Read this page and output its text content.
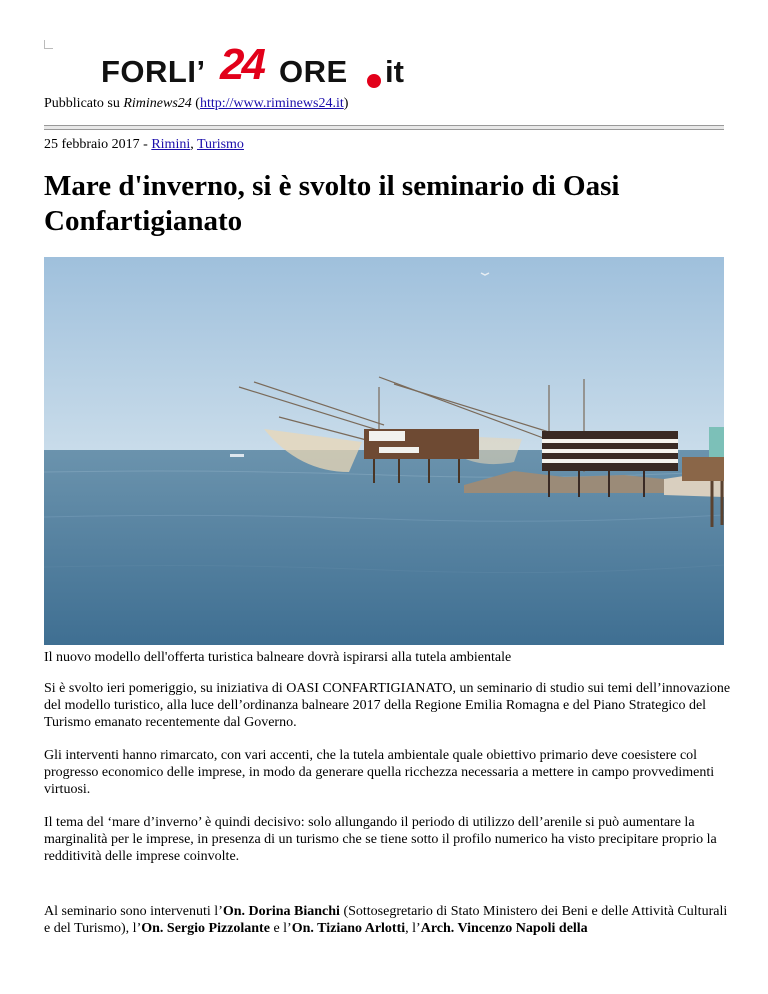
FORLI’ 24 ORE it
Pubblicato su Riminews24 (http://www.riminews24.it)
25 febbraio 2017 - Rimini, Turismo
Mare d'inverno, si è svolto il seminario di Oasi Confartigianato
Il nuovo modello dell'offerta turistica balneare dovrà ispirarsi alla tutela ambientale

Si è svolto ieri pomeriggio, su iniziativa di OASI CONFARTIGIANATO, un seminario di studio sui temi dell’innovazione del modello turistico, alla luce dell’ordinanza balneare 2017 della Regione Emilia Romagna e del Piano Strategico del Turismo emanato recentemente dal Governo.

Gli interventi hanno rimarcato, con vari accenti, che la tutela ambientale quale obiettivo primario deve coesistere col progresso economico delle imprese, in modo da generare quella ricchezza necessaria a mettere in campo provvedimenti virtuosi.

Il tema del ‘mare d’inverno’ è quindi decisivo: solo allungando il periodo di utilizzo dell’arenile si può aumentare la marginalità per le imprese, in presenza di un turismo che se tiene sotto il profilo numerico ha visto precipitare proprio la redditività delle imprese coinvolte.

Al seminario sono intervenuti l’On. Dorina Bianchi (Sottosegretario di Stato Ministero dei Beni e delle Attività Culturali e del Turismo), l’On. Sergio Pizzolante e l’On. Tiziano Arlotti, l’Arch. Vincenzo Napoli della
